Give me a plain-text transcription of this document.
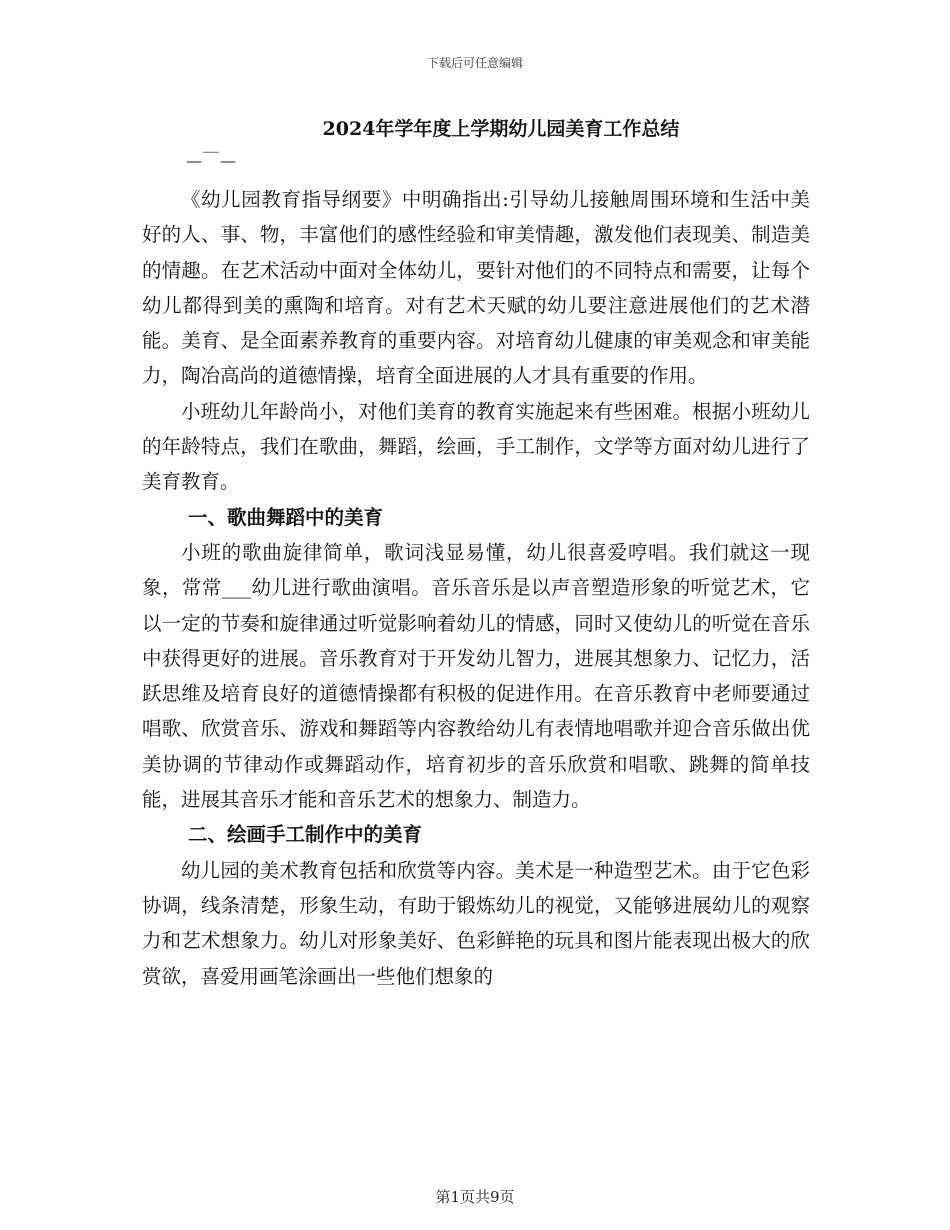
下载后可任意编辑
2024年学年度上学期幼儿园美育工作总结
—￣—

《幼儿园教育指导纲要》中明确指出:引导幼儿接触周围环境和生活中美好的人、事、物，丰富他们的感性经验和审美情趣，激发他们表现美、制造美的情趣。在艺术活动中面对全体幼儿，要针对他们的不同特点和需要，让每个幼儿都得到美的熏陶和培育。对有艺术天赋的幼儿要注意进展他们的艺术潜能。美育、是全面素养教育的重要内容。对培育幼儿健康的审美观念和审美能力，陶冶高尚的道德情操，培育全面进展的人才具有重要的作用。

小班幼儿年龄尚小，对他们美育的教育实施起来有些困难。根据小班幼儿的年龄特点，我们在歌曲，舞蹈，绘画，手工制作，文学等方面对幼儿进行了美育教育。

一、歌曲舞蹈中的美育

小班的歌曲旋律简单，歌词浅显易懂，幼儿很喜爱哼唱。我们就这一现象，常常___幼儿进行歌曲演唱。音乐音乐是以声音塑造形象的听觉艺术，它以一定的节奏和旋律通过听觉影响着幼儿的情感，同时又使幼儿的听觉在音乐中获得更好的进展。音乐教育对于开发幼儿智力，进展其想象力、记忆力，活跃思维及培育良好的道德情操都有积极的促进作用。在音乐教育中老师要通过唱歌、欣赏音乐、游戏和舞蹈等内容教给幼儿有表情地唱歌并迎合音乐做出优美协调的节律动作或舞蹈动作，培育初步的音乐欣赏和唱歌、跳舞的简单技能，进展其音乐才能和音乐艺术的想象力、制造力。

二、绘画手工制作中的美育

幼儿园的美术教育包括和欣赏等内容。美术是一种造型艺术。由于它色彩协调，线条清楚，形象生动，有助于锻炼幼儿的视觉，又能够进展幼儿的观察力和艺术想象力。幼儿对形象美好、色彩鲜艳的玩具和图片能表现出极大的欣赏欲，喜爱用画笔涂画出一些他们想象的

第1页共9页
